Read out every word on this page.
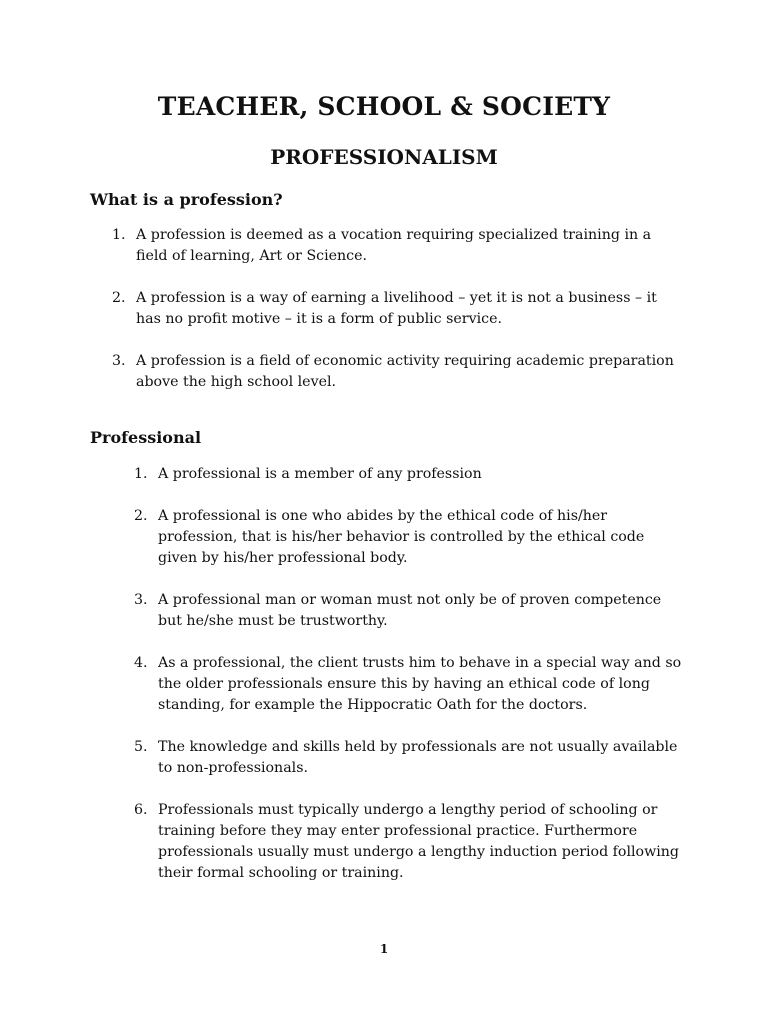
TEACHER, SCHOOL & SOCIETY
PROFESSIONALISM
What is a profession?
1. A profession is deemed as a vocation requiring specialized training in a field of learning, Art or Science.
2. A profession is a way of earning a livelihood – yet it is not a business – it has no profit motive – it is a form of public service.
3. A profession is a field of economic activity requiring academic preparation above the high school level.
Professional
1. A professional is a member of any profession
2. A professional is one who abides by the ethical code of his/her profession, that is his/her behavior is controlled by the ethical code given by his/her professional body.
3. A professional man or woman must not only be of proven competence but he/she must be trustworthy.
4. As a professional, the client trusts him to behave in a special way and so the older professionals ensure this by having an ethical code of long standing, for example the Hippocratic Oath for the doctors.
5. The knowledge and skills held by professionals are not usually available to non-professionals.
6. Professionals must typically undergo a lengthy period of schooling or training before they may enter professional practice. Furthermore professionals usually must undergo a lengthy induction period following their formal schooling or training.
1
